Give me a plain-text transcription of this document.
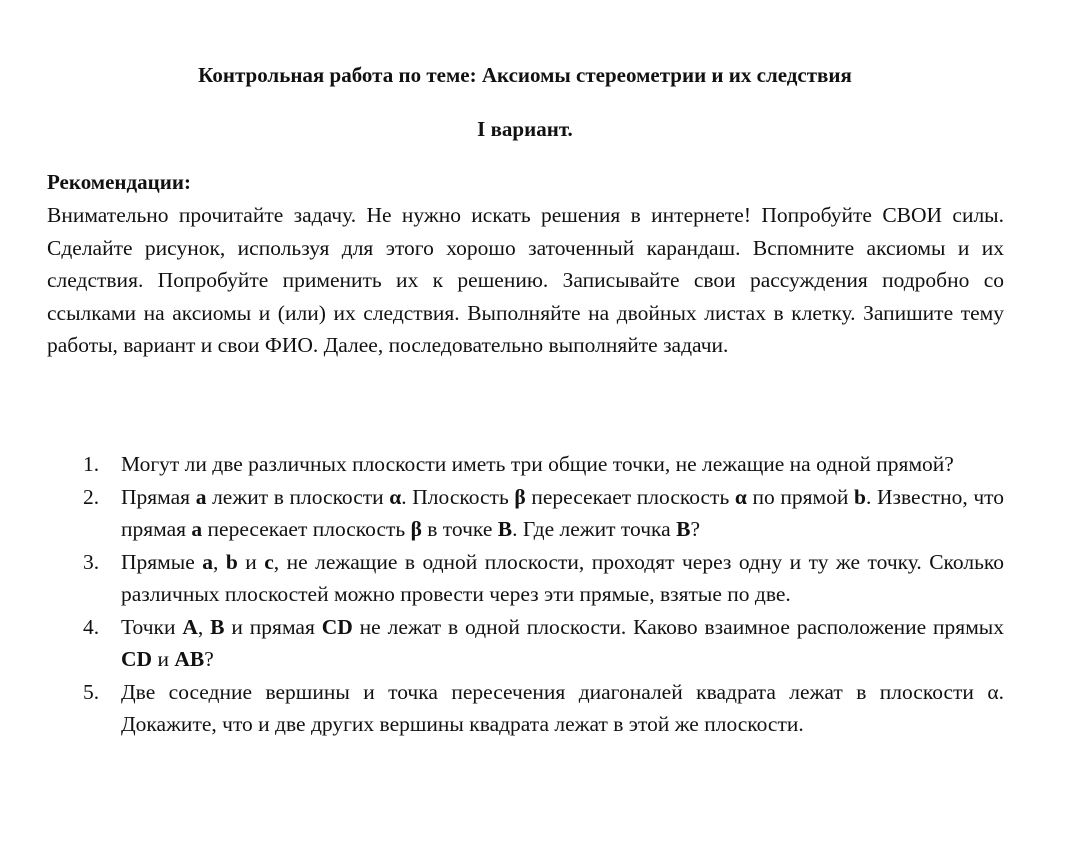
Контрольная работа по теме: Аксиомы стереометрии и их следствия
I вариант.
Рекомендации:
Внимательно прочитайте задачу. Не нужно искать решения в интернете! Попробуйте СВОИ силы. Сделайте рисунок, используя для этого хорошо заточенный карандаш. Вспомните аксиомы и их следствия. Попробуйте применить их к решению. Записывайте свои рассуждения подробно со ссылками на аксиомы и (или) их следствия. Выполняйте на двойных листах в клетку. Запишите тему работы, вариант и свои ФИО. Далее, последовательно выполняйте задачи.
1. Могут ли две различных плоскости иметь три общие точки, не лежащие на одной прямой?
2. Прямая a лежит в плоскости α. Плоскость β пересекает плоскость α по прямой b. Известно, что прямая a пересекает плоскость β в точке B. Где лежит точка B?
3. Прямые a, b и c, не лежащие в одной плоскости, проходят через одну и ту же точку. Сколько различных плоскостей можно провести через эти прямые, взятые по две.
4. Точки A, B и прямая CD не лежат в одной плоскости. Каково взаимное расположение прямых CD и AB?
5. Две соседние вершины и точка пересечения диагоналей квадрата лежат в плоскости α. Докажите, что и две других вершины квадрата лежат в этой же плоскости.
